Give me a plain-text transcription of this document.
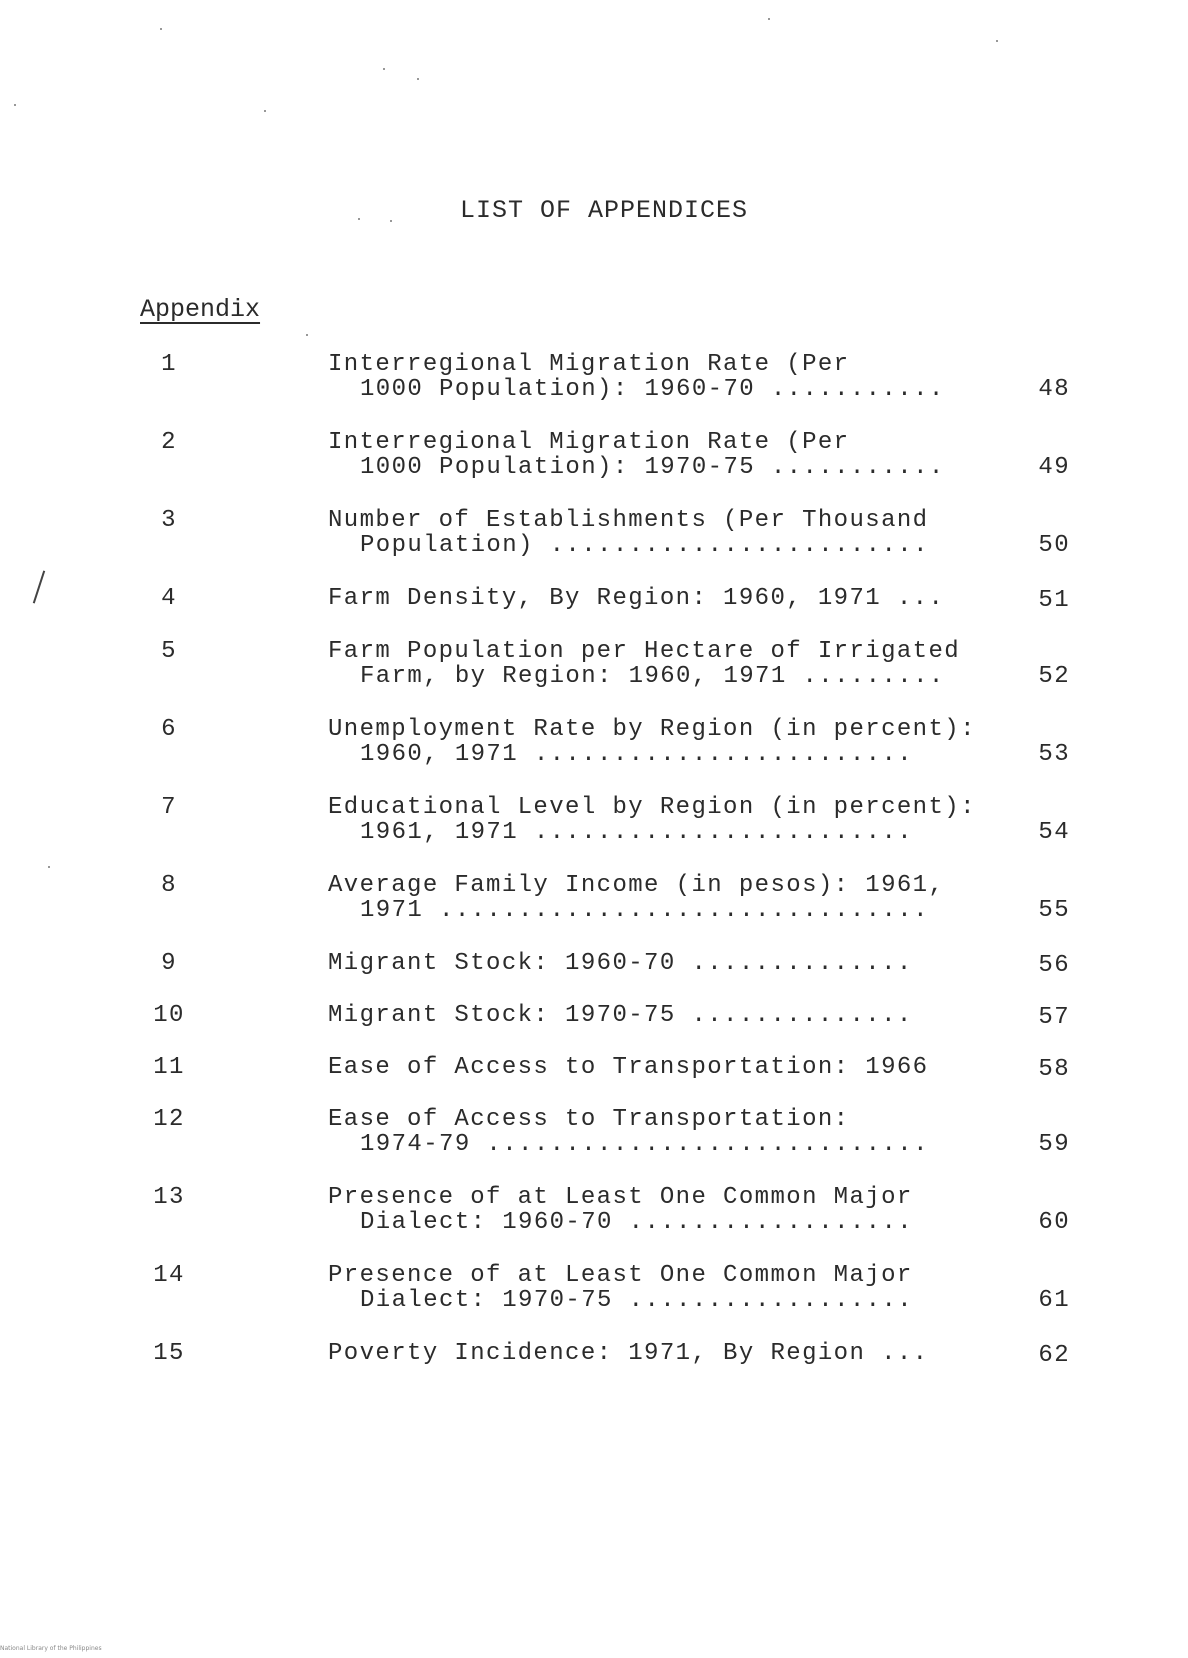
LIST OF APPENDICES
Appendix
1	Interregional Migration Rate (Per
1000 Population): 1960-70 ...........	48
2	Interregional Migration Rate (Per
1000 Population): 1970-75 ...........	49
3	Number of Establishments (Per Thousand
Population) ........................	50
4	Farm Density, By Region: 1960, 1971 ...	51
5	Farm Population per Hectare of Irrigated
Farm, by Region: 1960, 1971 .........	52
6	Unemployment Rate by Region (in percent):
1960, 1971 ........................	53
7	Educational Level by Region (in percent):
1961, 1971 ........................	54
8	Average Family Income (in pesos): 1961,
1971 ...............................	55
9	Migrant Stock: 1960-70 ..............	56
10	Migrant Stock: 1970-75 ..............	57
11	Ease of Access to Transportation: 1966	58
12	Ease of Access to Transportation:
1974-79 ............................	59
13	Presence of at Least One Common Major
Dialect: 1960-70 ..................	60
14	Presence of at Least One Common Major
Dialect: 1970-75 ..................	61
15	Poverty Incidence: 1971, By Region ...	62
National Library of the Philippines
